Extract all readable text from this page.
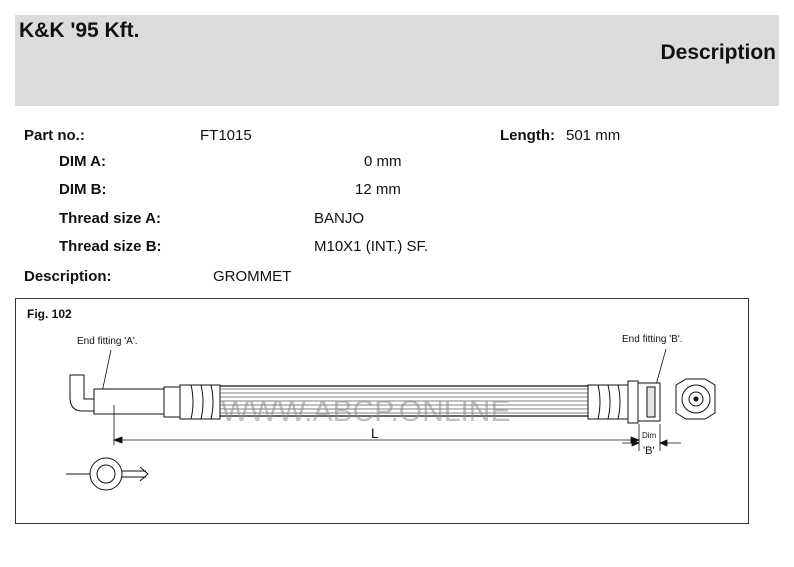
K&K '95 Kft.
Description
Part no.:	FT1015	Length: 501 mm
DIM A:	0 mm
DIM B:	12 mm
Thread size A:	BANJO
Thread size B:	M10X1 (INT.) SF.
Description:	GROMMET
End fitting 'A'.	End fitting 'B'.
L	Dim
'B'
WWW.ABCP.ONLINE
Fig. 102
